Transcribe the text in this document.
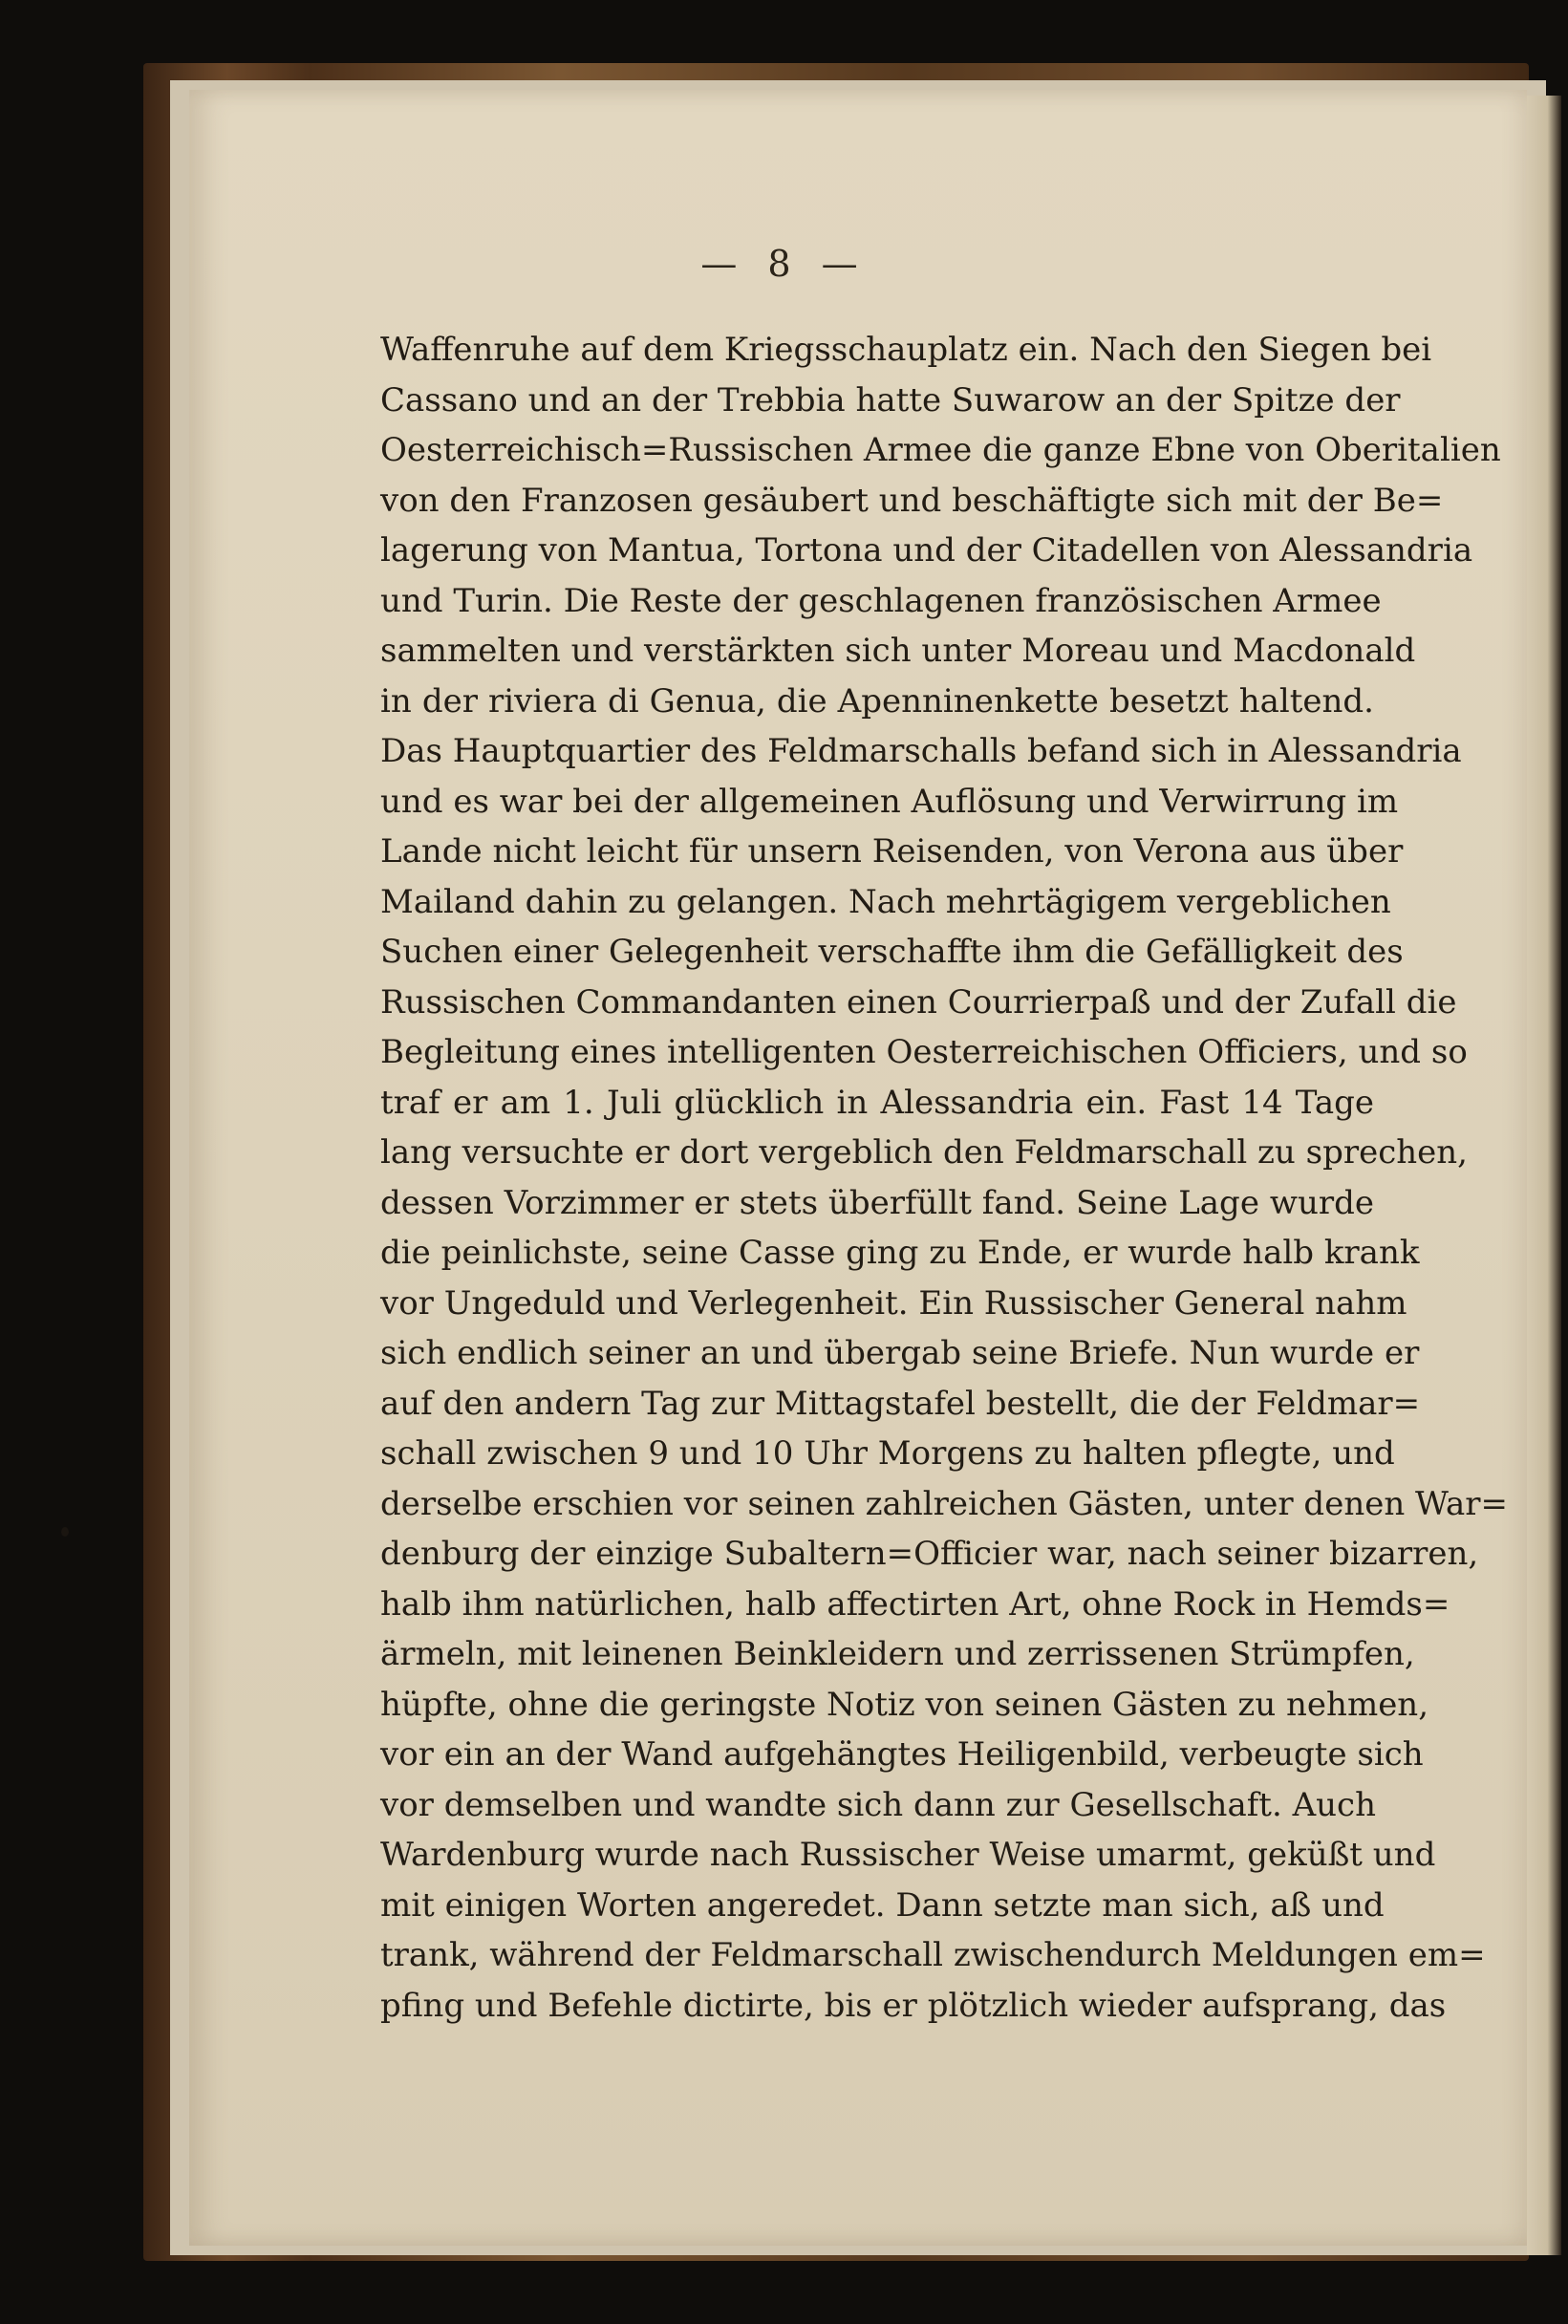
— 8 —
Waffenruhe auf dem Kriegsschauplatz ein. Nach den Siegen bei
Cassano und an der Trebbia hatte Suwarow an der Spitze der
Oesterreichisch=Russischen Armee die ganze Ebne von Oberitalien
von den Franzosen gesäubert und beschäftigte sich mit der Be=
lagerung von Mantua, Tortona und der Citadellen von Alessandria
und Turin. Die Reste der geschlagenen französischen Armee
sammelten und verstärkten sich unter Moreau und Macdonald
in der riviera di Genua, die Apenninenkette besetzt haltend.
Das Hauptquartier des Feldmarschalls befand sich in Alessandria
und es war bei der allgemeinen Auflösung und Verwirrung im
Lande nicht leicht für unsern Reisenden, von Verona aus über
Mailand dahin zu gelangen. Nach mehrtägigem vergeblichen
Suchen einer Gelegenheit verschaffte ihm die Gefälligkeit des
Russischen Commandanten einen Courrierpaß und der Zufall die
Begleitung eines intelligenten Oesterreichischen Officiers, und so
traf er am 1. Juli glücklich in Alessandria ein. Fast 14 Tage
lang versuchte er dort vergeblich den Feldmarschall zu sprechen,
dessen Vorzimmer er stets überfüllt fand. Seine Lage wurde
die peinlichste, seine Casse ging zu Ende, er wurde halb krank
vor Ungeduld und Verlegenheit. Ein Russischer General nahm
sich endlich seiner an und übergab seine Briefe. Nun wurde er
auf den andern Tag zur Mittagstafel bestellt, die der Feldmar=
schall zwischen 9 und 10 Uhr Morgens zu halten pflegte, und
derselbe erschien vor seinen zahlreichen Gästen, unter denen War=
denburg der einzige Subaltern=Officier war, nach seiner bizarren,
halb ihm natürlichen, halb affectirten Art, ohne Rock in Hemds=
ärmeln, mit leinenen Beinkleidern und zerrissenen Strümpfen,
hüpfte, ohne die geringste Notiz von seinen Gästen zu nehmen,
vor ein an der Wand aufgehängtes Heiligenbild, verbeugte sich
vor demselben und wandte sich dann zur Gesellschaft. Auch
Wardenburg wurde nach Russischer Weise umarmt, geküßt und
mit einigen Worten angeredet. Dann setzte man sich, aß und
trank, während der Feldmarschall zwischendurch Meldungen em=
pfing und Befehle dictirte, bis er plötzlich wieder aufsprang, das
